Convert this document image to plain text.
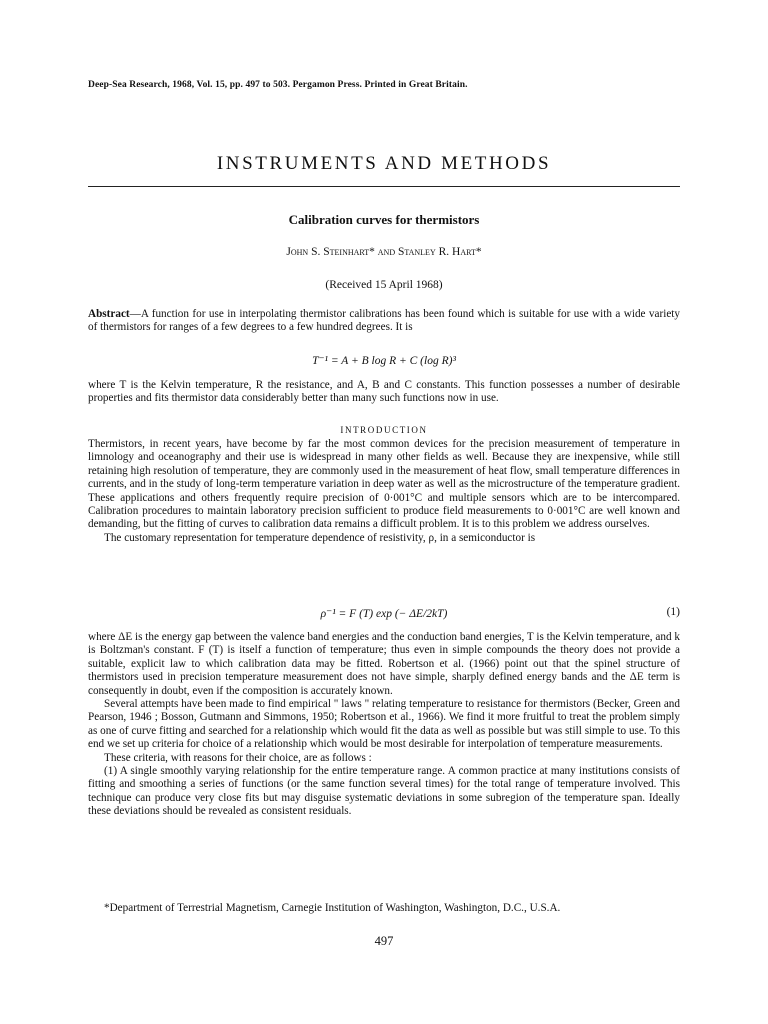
Deep-Sea Research, 1968, Vol. 15, pp. 497 to 503. Pergamon Press. Printed in Great Britain.
INSTRUMENTS AND METHODS
Calibration curves for thermistors
John S. Steinhart* and Stanley R. Hart*
(Received 15 April 1968)

Abstract—A function for use in interpolating thermistor calibrations has been found which is suitable for use with a wide variety of thermistors for ranges of a few degrees to a few hundred degrees. It is

T⁻¹ = A + B log R + C (log R)³
where T is the Kelvin temperature, R the resistance, and A, B and C constants. This function possesses a number of desirable properties and fits thermistor data considerably better than many such functions now in use.
INTRODUCTION

Thermistors, in recent years, have become by far the most common devices for the precision measurement of temperature in limnology and oceanography and their use is widespread in many other fields as well. Because they are inexpensive, while still retaining high resolution of temperature, they are commonly used in the measurement of heat flow, small temperature differences in currents, and in the study of long-term temperature variation in deep water as well as the microstructure of the temperature gradient. These applications and others frequently require precision of 0·001°C and multiple sensors which are to be intercompared. Calibration procedures to maintain laboratory precision sufficient to produce field measurements to 0·001°C are well known and demanding, but the fitting of curves to calibration data remains a difficult problem. It is to this problem we address ourselves.

The customary representation for temperature dependence of resistivity, ρ, in a semiconductor is

ρ⁻¹ = F (T) exp (− ΔE/2kT)	(1)

where ΔE is the energy gap between the valence band energies and the conduction band energies, T is the Kelvin temperature, and k is Boltzman's constant. F (T) is itself a function of temperature; thus even in simple compounds the theory does not provide a suitable, explicit law to which calibration data may be fitted. Robertson et al. (1966) point out that the spinel structure of thermistors used in precision temperature measurement does not have simple, sharply defined energy bands and the ΔE term is consequently in doubt, even if the composition is accurately known.

Several attempts have been made to find empirical " laws " relating temperature to resistance for thermistors (Becker, Green and Pearson, 1946 ; Bosson, Gutmann and Simmons, 1950; Robertson et al., 1966). We find it more fruitful to treat the problem simply as one of curve fitting and searched for a relationship which would fit the data as well as possible but was still simple to use. To this end we set up criteria for choice of a relationship which would be most desirable for interpolation of temperature measurements.

These criteria, with reasons for their choice, are as follows :

(1) A single smoothly varying relationship for the entire temperature range. A common practice at many institutions consists of fitting and smoothing a series of functions (or the same function several times) for the total range of temperature involved. This technique can produce very close fits but may disguise systematic deviations in some subregion of the temperature span. Ideally these deviations should be revealed as consistent residuals.

*Department of Terrestrial Magnetism, Carnegie Institution of Washington, Washington, D.C., U.S.A.
497
